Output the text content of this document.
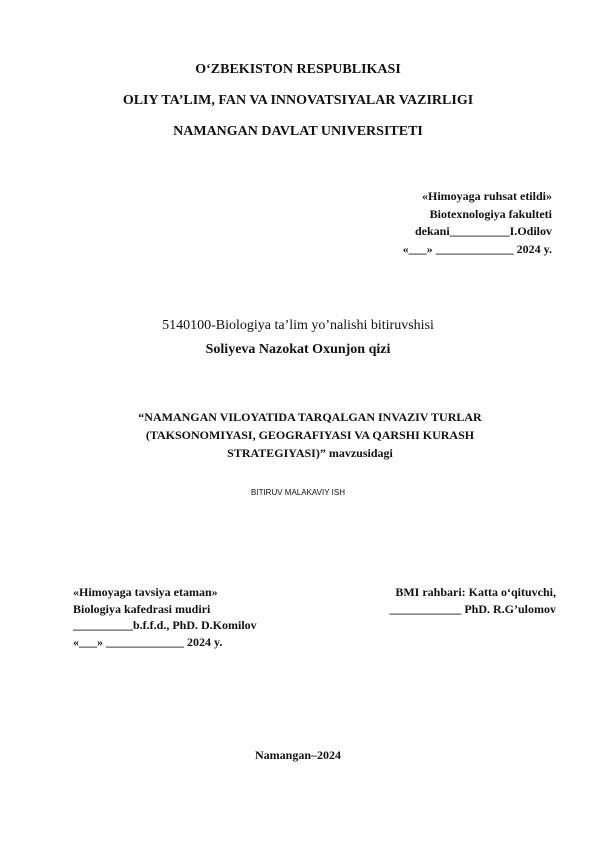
O‘ZBEKISTON RESPUBLIKASI
OLIY TA’LIM, FAN VA INNOVATSIYALAR VAZIRLIGI
NAMANGAN DAVLAT UNIVERSITETI
«Himoyaga ruhsat etildi»
Biotexnologiya fakulteti
dekani__________I.Odilov
«___» _____________ 2024 y.
5140100-Biologiya ta’lim yo’nalishi bitiruvshisi
Soliyeva Nazokat Oxunjon qizi
“NAMANGAN VILOYATIDA TARQALGAN INVAZIV TURLAR
(TAKSONOMIYASI, GEOGRAFIYASI VA QARSHI KURASH
STRATEGIYASI)” mavzusidagi
BITIRUV MALAKAVIY ISH
«Himoyaga tavsiya etaman»
Biologiya kafedrasi mudiri
__________b.f.f.d., PhD. D.Komilov
«___» _____________ 2024 y.
BMI rahbari: Katta o‘qituvchi,
____________ PhD. R.G’ulomov
Namangan–2024
